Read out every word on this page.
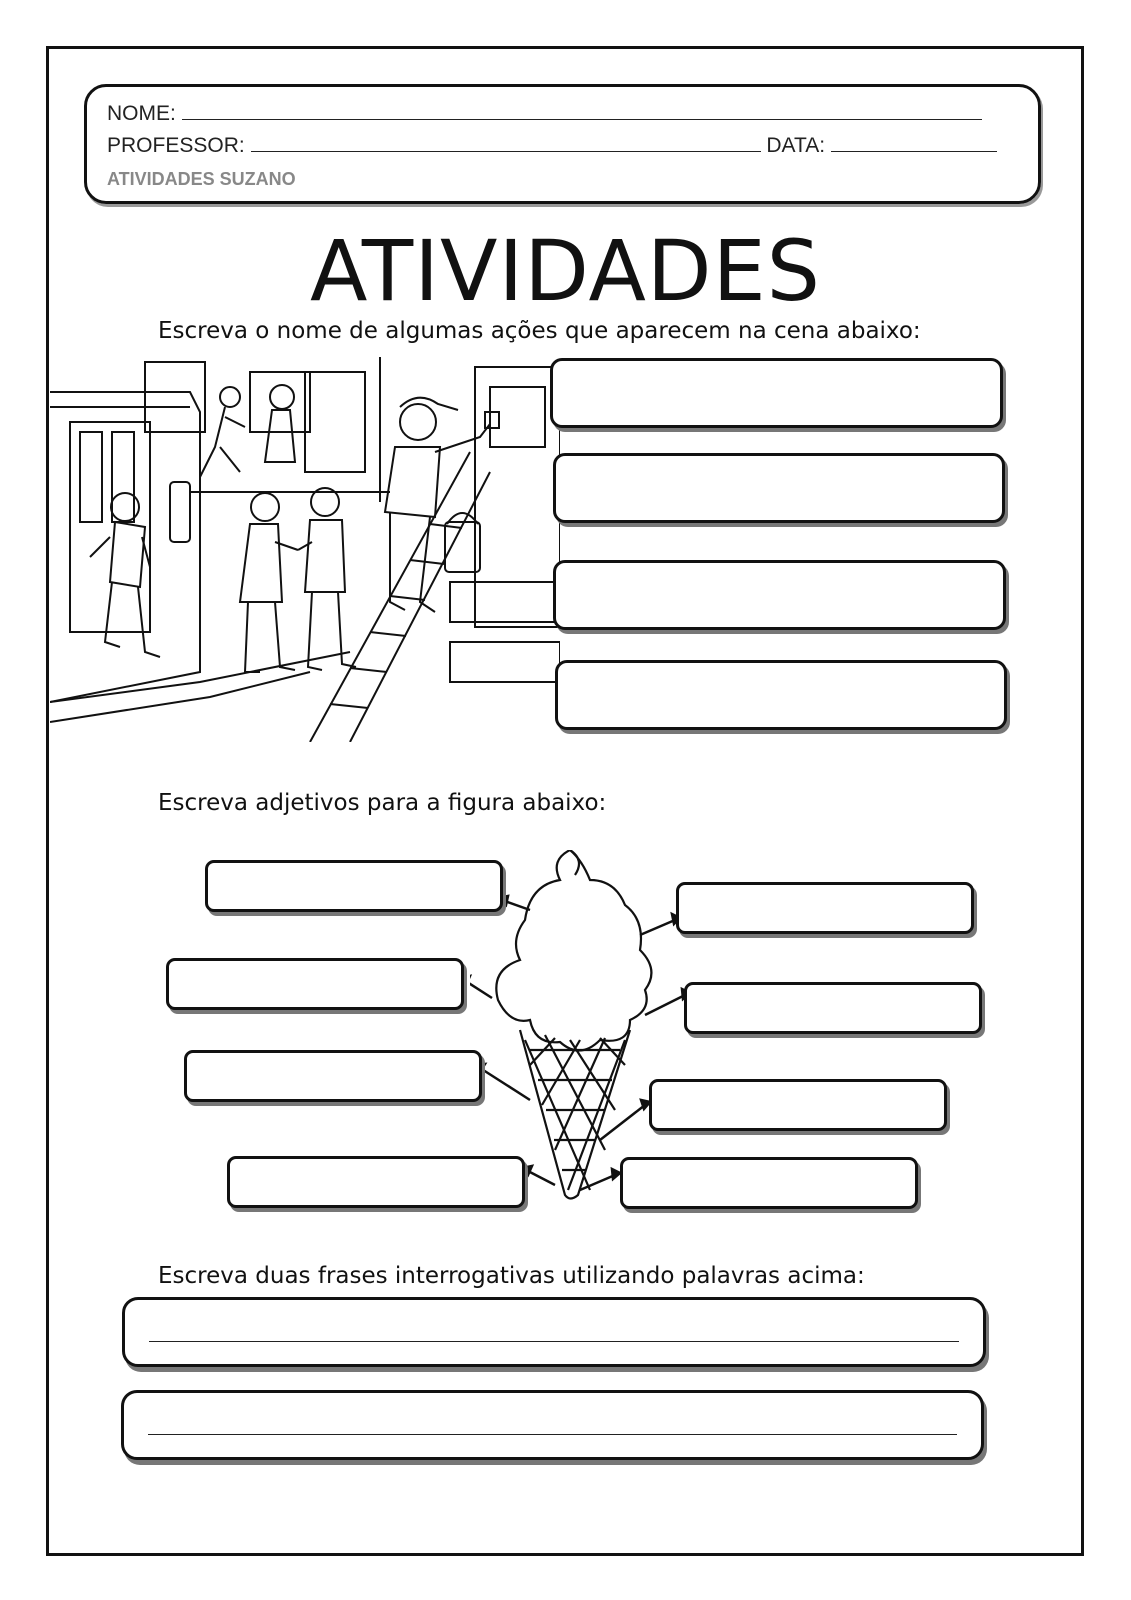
NOME:
PROFESSOR:	DATA:
ATIVIDADES SUZANO
ATIVIDADES
Escreva o nome de algumas ações que aparecem na cena abaixo:
Escreva adjetivos para a figura abaixo:
Escreva duas frases interrogativas utilizando palavras acima:
